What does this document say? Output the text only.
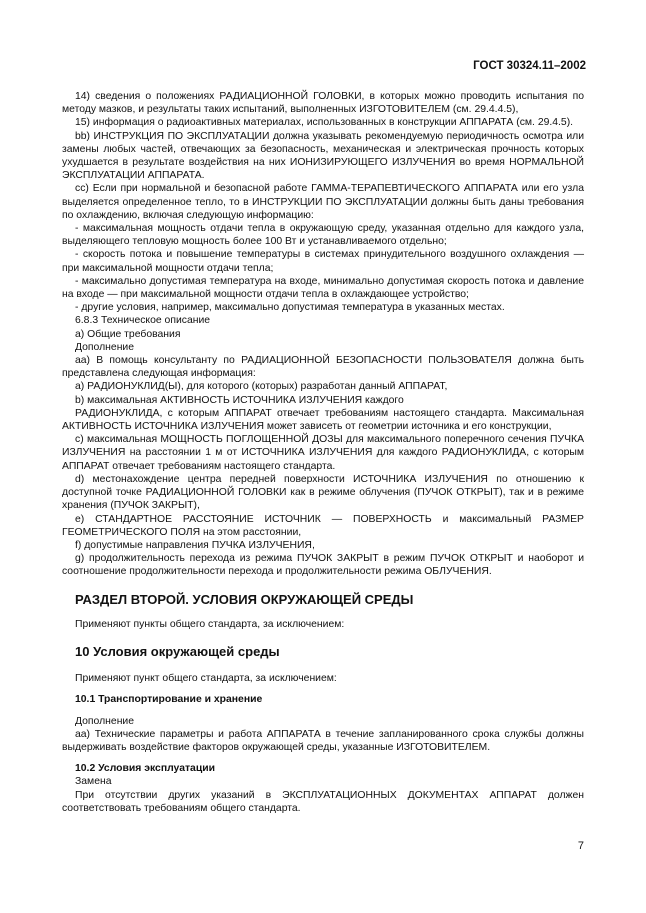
ГОСТ 30324.11–2002

14) сведения о положениях РАДИАЦИОННОЙ ГОЛОВКИ, в которых можно проводить испытания по методу мазков, и результаты таких испытаний, выполненных ИЗГОТОВИТЕЛЕМ (см. 29.4.4.5),

15) информация о радиоактивных материалах, использованных в конструкции АППАРАТА (см. 29.4.5).

bb) ИНСТРУКЦИЯ ПО ЭКСПЛУАТАЦИИ должна указывать рекомендуемую периодичность осмотра или замены любых частей, отвечающих за безопасность, механическая и электрическая прочность которых ухудшается в результате воздействия на них ИОНИЗИРУЮЩЕГО ИЗЛУЧЕНИЯ во время НОРМАЛЬНОЙ ЭКСПЛУАТАЦИИ АППАРАТА.

cc) Если при нормальной и безопасной работе ГАММА-ТЕРАПЕВТИЧЕСКОГО АППАРАТА или его узла выделяется определенное тепло, то в ИНСТРУКЦИИ ПО ЭКСПЛУАТАЦИИ должны быть даны требования по охлаждению, включая следующую информацию:

- максимальная мощность отдачи тепла в окружающую среду, указанная отдельно для каждого узла, выделяющего тепловую мощность более 100 Вт и устанавливаемого отдельно;

- скорость потока и повышение температуры в системах принудительного воздушного охлаждения — при максимальной мощности отдачи тепла;

- максимально допустимая температура на входе, минимально допустимая скорость потока и давление на входе — при максимальной мощности отдачи тепла в охлаждающее устройство;

- другие условия, например, максимально допустимая температура в указанных местах.

6.8.3 Техническое описание

а) Общие требования

Дополнение

аа) В помощь консультанту по РАДИАЦИОННОЙ БЕЗОПАСНОСТИ ПОЛЬЗОВАТЕЛЯ должна быть представлена следующая информация:

а) РАДИОНУКЛИД(Ы), для которого (которых) разработан данный АППАРАТ,

b) максимальная АКТИВНОСТЬ ИСТОЧНИКА ИЗЛУЧЕНИЯ каждого

РАДИОНУКЛИДА, с которым АППАРАТ отвечает требованиям настоящего стандарта. Максимальная АКТИВНОСТЬ ИСТОЧНИКА ИЗЛУЧЕНИЯ может зависеть от геометрии источника и его конструкции,

с) максимальная МОЩНОСТЬ ПОГЛОЩЕННОЙ ДОЗЫ для максимального поперечного сечения ПУЧКА ИЗЛУЧЕНИЯ на расстоянии 1 м от ИСТОЧНИКА ИЗЛУЧЕНИЯ для каждого РАДИОНУКЛИДА, с которым АППАРАТ отвечает требованиям настоящего стандарта.

d) местонахождение центра передней поверхности ИСТОЧНИКА ИЗЛУЧЕНИЯ по отношению к доступной точке РАДИАЦИОННОЙ ГОЛОВКИ как в режиме облучения (ПУЧОК ОТКРЫТ), так и в режиме хранения (ПУЧОК ЗАКРЫТ),

е) СТАНДАРТНОЕ РАССТОЯНИЕ ИСТОЧНИК — ПОВЕРХНОСТЬ и максимальный РАЗМЕР ГЕОМЕТРИЧЕСКОГО ПОЛЯ на этом расстоянии,

f) допустимые направления ПУЧКА ИЗЛУЧЕНИЯ,

g) продолжительность перехода из режима ПУЧОК ЗАКРЫТ в режим ПУЧОК ОТКРЫТ и наоборот и соотношение продолжительности перехода и продолжительности режима ОБЛУЧЕНИЯ.

РАЗДЕЛ ВТОРОЙ. УСЛОВИЯ ОКРУЖАЮЩЕЙ СРЕДЫ

Применяют пункты общего стандарта, за исключением:

10 Условия окружающей среды

Применяют пункт общего стандарта, за исключением:

10.1 Транспортирование и хранение

Дополнение

аа) Технические параметры и работа АППАРАТА в течение запланированного срока службы должны выдерживать воздействие факторов окружающей среды, указанные ИЗГОТОВИТЕЛЕМ.

10.2 Условия эксплуатации

Замена

При отсутствии других указаний в ЭКСПЛУАТАЦИОННЫХ ДОКУМЕНТАХ АППАРАТ должен соответствовать требованиям общего стандарта.

7
